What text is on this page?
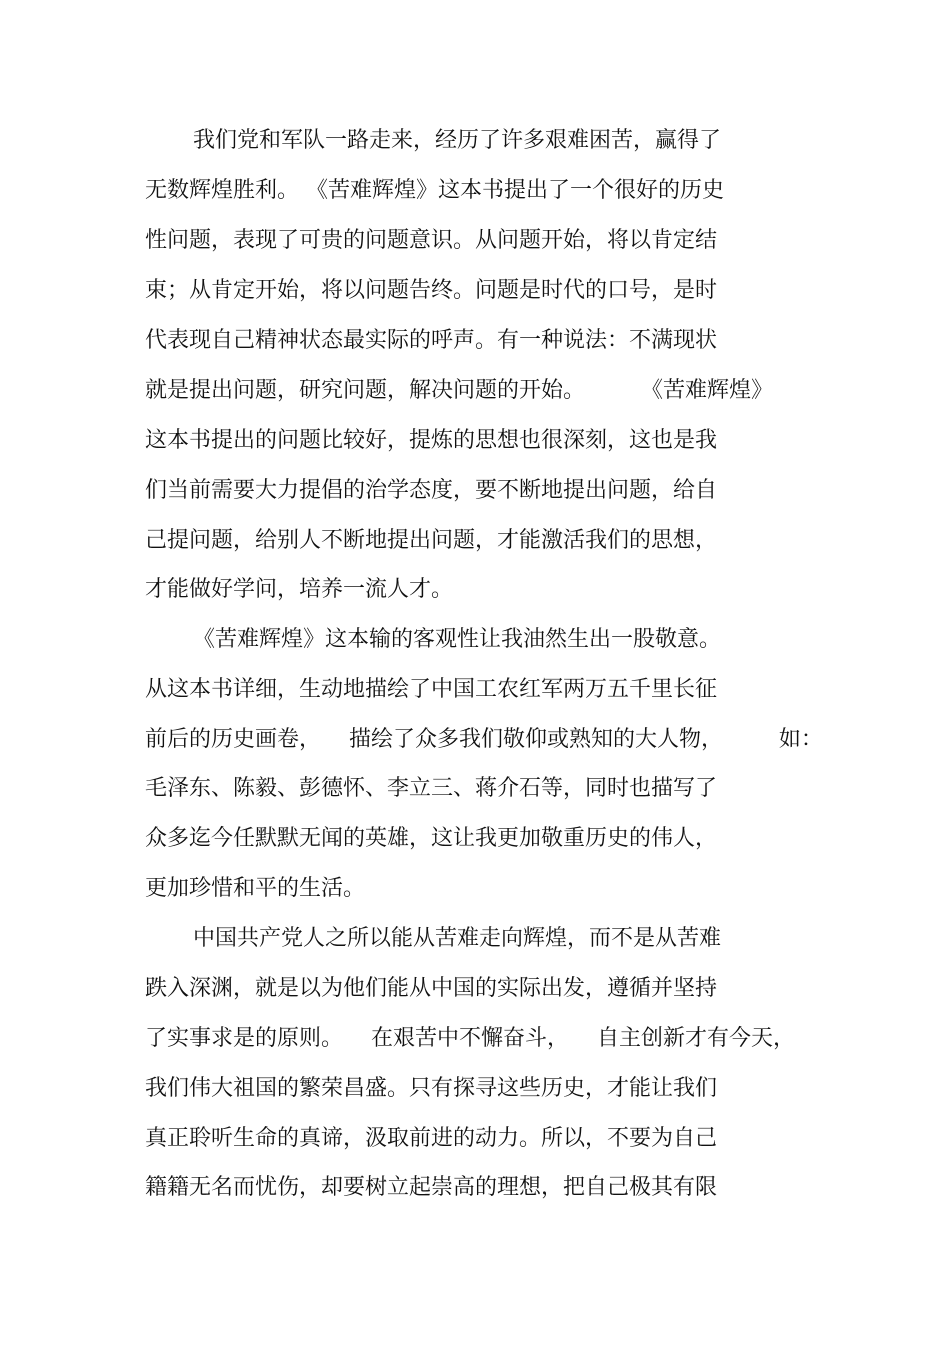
我们党和军队一路走来，经历了许多艰难困苦，赢得了

无数辉煌胜利。 《苦难辉煌》这本书提出了一个很好的历史

性问题，表现了可贵的问题意识。从问题开始，将以肯定结

束；从肯定开始，将以问题告终。问题是时代的口号，是时

代表现自己精神状态最实际的呼声。有一种说法：不满现状

就是提出问题，研究问题，解决问题的开始。        《苦难辉煌》

这本书提出的问题比较好，提炼的思想也很深刻，这也是我

们当前需要大力提倡的治学态度，要不断地提出问题，给自

己提问题，给别人不断地提出问题，才能激活我们的思想，

才能做好学问，培养一流人才。

《苦难辉煌》这本输的客观性让我油然生出一股敬意。

从这本书详细，生动地描绘了中国工农红军两万五千里长征

前后的历史画卷，    描绘了众多我们敬仰或熟知的大人物，        如：

毛泽东、陈毅、彭德怀、李立三、蒋介石等，同时也描写了

众多迄今任默默无闻的英雄，这让我更加敬重历史的伟人，

更加珍惜和平的生活。

中国共产党人之所以能从苦难走向辉煌，而不是从苦难

跌入深渊，就是以为他们能从中国的实际出发，遵循并坚持

了实事求是的原则。    在艰苦中不懈奋斗，    自主创新才有今天，

我们伟大祖国的繁荣昌盛。只有探寻这些历史，才能让我们

真正聆听生命的真谛，汲取前进的动力。所以，不要为自己

籍籍无名而忧伤，却要树立起崇高的理想，把自己极其有限
